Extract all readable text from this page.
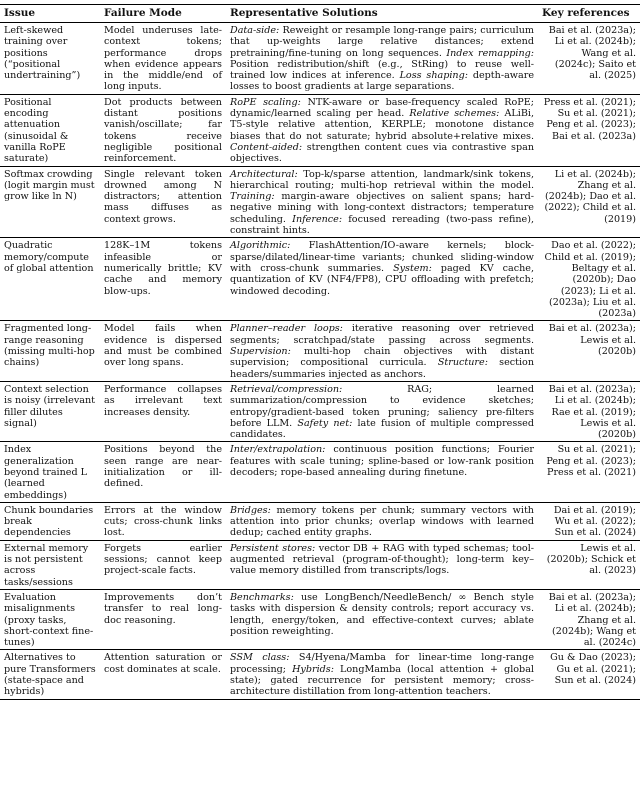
Issue	Failure Mode	Representative Solutions	Key references
Left-skewed training over positions (“positional undertraining”)	Model underuses late-context tokens; performance drops when evidence appears in the middle/end of long inputs.	Data-side: Reweight or resample long-range pairs; curriculum that up-weights large relative distances; extend pretraining/fine-tuning on long sequences. Index remapping: Position redistribution/shift (e.g., StRing) to reuse well-trained low indices at inference. Loss shaping: depth-aware losses to boost gradients at large separations.	Bai et al. (2023a); Li et al. (2024b); Wang et al. (2024c); Saito et al. (2025)
Positional encoding attenuation (sinusoidal & vanilla RoPE saturate)	Dot products between distant positions vanish/oscillate; far tokens receive negligible positional reinforcement.	RoPE scaling: NTK-aware or base-frequency scaled RoPE; dynamic/learned scaling per head. Relative schemes: ALiBi, T5-style relative attention, KERPLE; monotone distance biases that do not saturate; hybrid absolute+relative mixes. Content-aided: strengthen content cues via contrastive span objectives.	Press et al. (2021); Su et al. (2021); Peng et al. (2023); Bai et al. (2023a)
Softmax crowding (logit margin must grow like ln N)	Single relevant token drowned among N distractors; attention mass diffuses as context grows.	Architectural: Top-k/sparse attention, landmark/sink tokens, hierarchical routing; multi-hop retrieval within the model. Training: margin-aware objectives on salient spans; hard-negative mining with long-context distractors; temperature scheduling. Inference: focused rereading (two-pass refine), constraint hints.	Li et al. (2024b); Zhang et al. (2024b); Dao et al. (2022); Child et al. (2019)
Quadratic memory/compute of global attention	128K–1M tokens infeasible or numerically brittle; KV cache and memory blow-ups.	Algorithmic: FlashAttention/IO-aware kernels; block-sparse/dilated/linear-time variants; chunked sliding-window with cross-chunk summaries. System: paged KV cache, quantization of KV (NF4/FP8), CPU offloading with prefetch; windowed decoding.	Dao et al. (2022); Child et al. (2019); Beltagy et al. (2020b); Dao (2023); Li et al. (2023a); Liu et al. (2023a)
Fragmented long-range reasoning (missing multi-hop chains)	Model fails when evidence is dispersed and must be combined over long spans.	Planner–reader loops: iterative reasoning over retrieved segments; scratchpad/state passing across segments. Supervision: multi-hop chain objectives with distant supervision; compositional curricula. Structure: section headers/summaries injected as anchors.	Bai et al. (2023a); Lewis et al. (2020b)
Context selection is noisy (irrelevant filler dilutes signal)	Performance collapses as irrelevant text increases density.	Retrieval/compression: RAG; learned summarization/compression to evidence sketches; entropy/gradient-based token pruning; saliency pre-filters before LLM. Safety net: late fusion of multiple compressed candidates.	Bai et al. (2023a); Li et al. (2024b); Rae et al. (2019); Lewis et al. (2020b)
Index generalization beyond trained L (learned embeddings)	Positions beyond the seen range are near-initialization or ill-defined.	Inter/extrapolation: continuous position functions; Fourier features with scale tuning; spline-based or low-rank position decoders; rope-based annealing during finetune.	Su et al. (2021); Peng et al. (2023); Press et al. (2021)
Chunk boundaries break dependencies	Errors at the window cuts; cross-chunk links lost.	Bridges: memory tokens per chunk; summary vectors with attention into prior chunks; overlap windows with learned dedup; cached entity graphs.	Dai et al. (2019); Wu et al. (2022); Sun et al. (2024)
External memory is not persistent across tasks/sessions	Forgets earlier sessions; cannot keep project-scale facts.	Persistent stores: vector DB + RAG with typed schemas; tool-augmented retrieval (program-of-thought); long-term key–value memory distilled from transcripts/logs.	Lewis et al. (2020b); Schick et al. (2023)
Evaluation misalignments (proxy tasks, short-context fine-tunes)	Improvements don’t transfer to real long-doc reasoning.	Benchmarks: use LongBench/NeedleBench/ ∞ Bench style tasks with dispersion & density controls; report accuracy vs. length, energy/token, and effective-context curves; ablate position reweighting.	Bai et al. (2023a); Li et al. (2024b); Zhang et al. (2024b); Wang et al. (2024c)
Alternatives to pure Transformers (state-space and hybrids)	Attention saturation or cost dominates at scale.	SSM class: S4/Hyena/Mamba for linear-time long-range processing; Hybrids: LongMamba (local attention + global state); gated recurrence for persistent memory; cross-architecture distillation from long-attention teachers.	Gu & Dao (2023); Gu et al. (2021); Sun et al. (2024)
